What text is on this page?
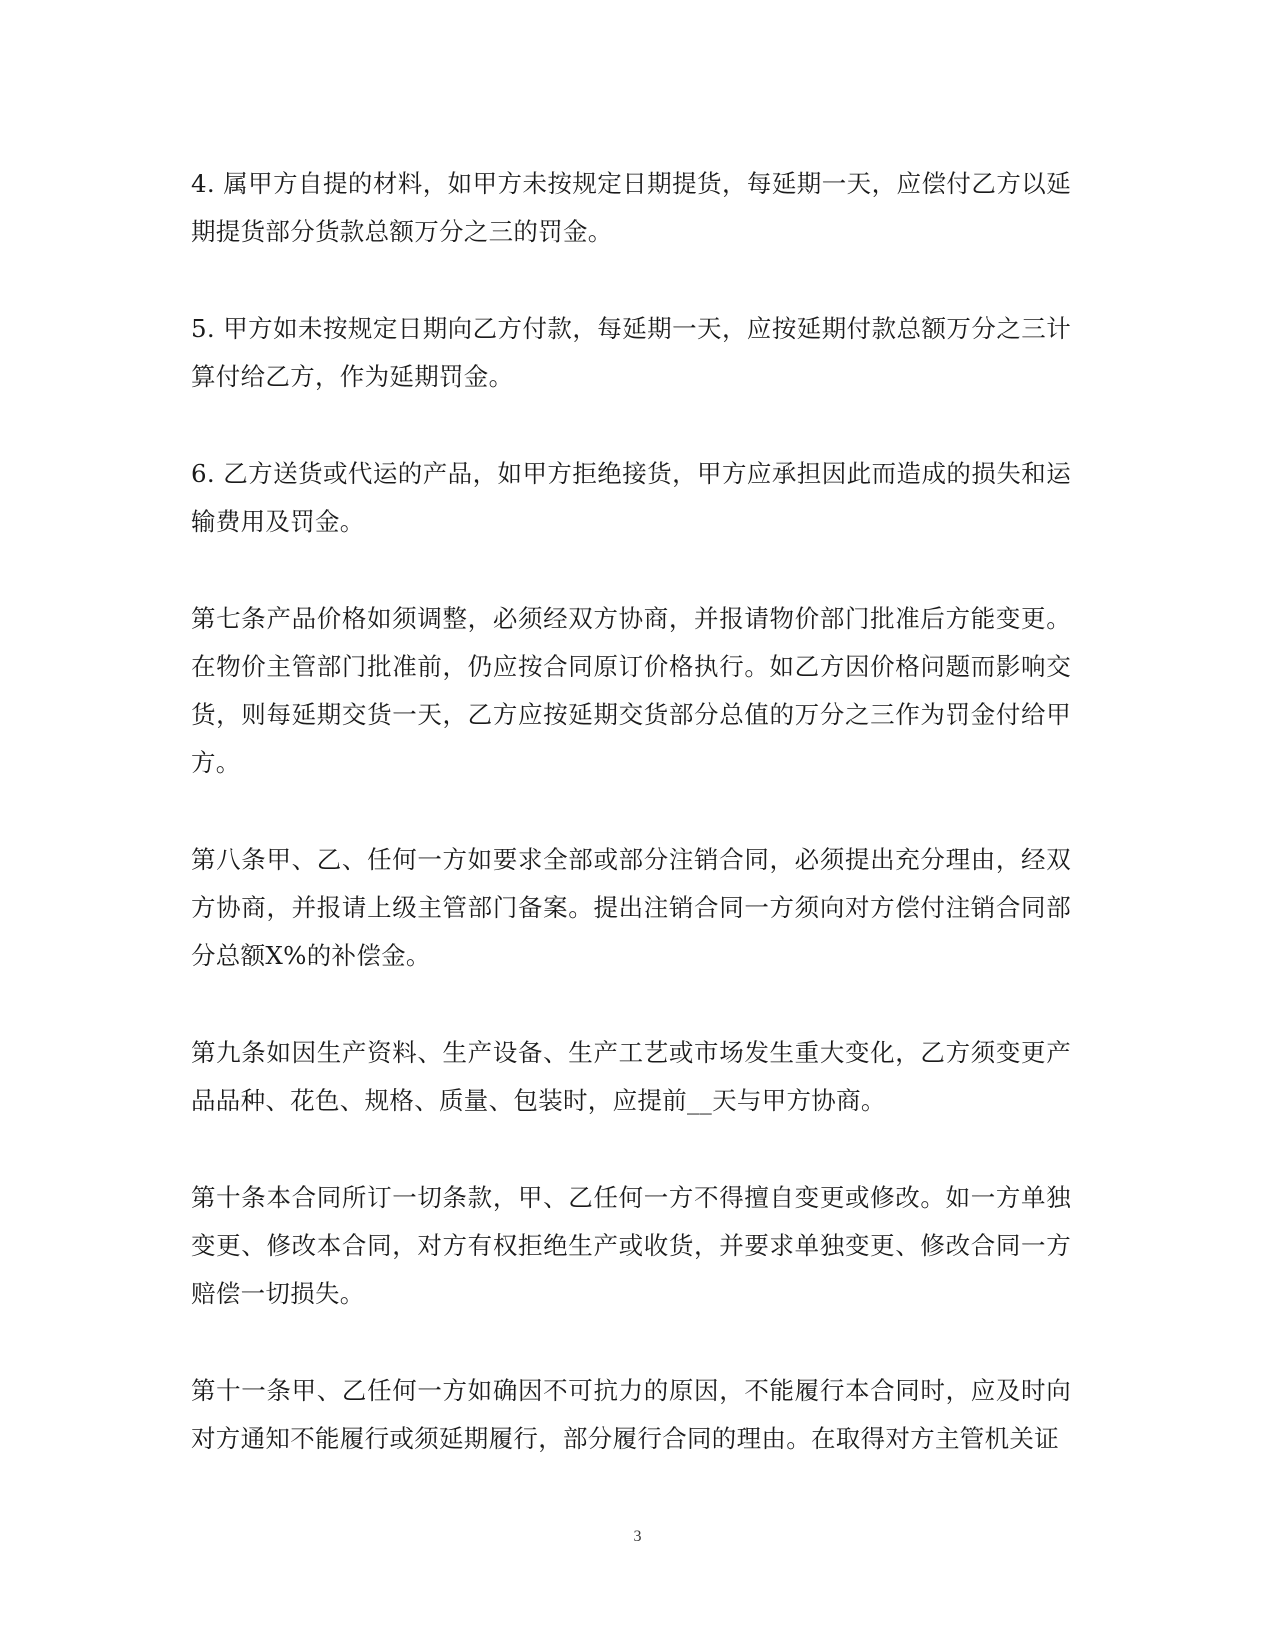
4. 属甲方自提的材料，如甲方未按规定日期提货，每延期一天，应偿付乙方以延期提货部分货款总额万分之三的罚金。

5. 甲方如未按规定日期向乙方付款，每延期一天，应按延期付款总额万分之三计算付给乙方，作为延期罚金。

6. 乙方送货或代运的产品，如甲方拒绝接货，甲方应承担因此而造成的损失和运输费用及罚金。

第七条产品价格如须调整，必须经双方协商，并报请物价部门批准后方能变更。在物价主管部门批准前，仍应按合同原订价格执行。如乙方因价格问题而影响交货，则每延期交货一天，乙方应按延期交货部分总值的万分之三作为罚金付给甲方。

第八条甲、乙、任何一方如要求全部或部分注销合同，必须提出充分理由，经双方协商，并报请上级主管部门备案。提出注销合同一方须向对方偿付注销合同部分总额X%的补偿金。

第九条如因生产资料、生产设备、生产工艺或市场发生重大变化，乙方须变更产品品种、花色、规格、质量、包装时，应提前__天与甲方协商。

第十条本合同所订一切条款，甲、乙任何一方不得擅自变更或修改。如一方单独变更、修改本合同，对方有权拒绝生产或收货，并要求单独变更、修改合同一方赔偿一切损失。

第十一条甲、乙任何一方如确因不可抗力的原因，不能履行本合同时，应及时向对方通知不能履行或须延期履行，部分履行合同的理由。在取得对方主管机关证

3
